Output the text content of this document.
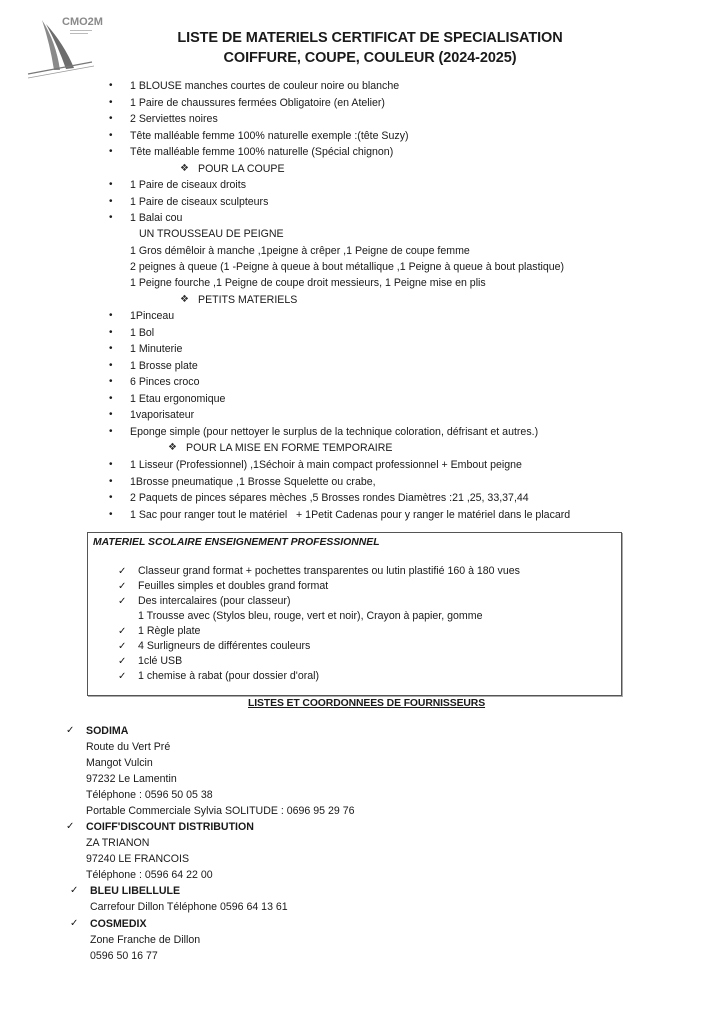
CMO2M
LISTE DE MATERIELS CERTIFICAT DE SPECIALISATION
COIFFURE, COUPE, COULEUR (2024-2025)
• 1 BLOUSE manches courtes de couleur noire ou blanche
• 1 Paire de chaussures fermées Obligatoire (en Atelier)
• 2 Serviettes noires
• Tête malléable femme 100% naturelle exemple :(tête Suzy)
• Tête malléable femme 100% naturelle (Spécial chignon)
❖ POUR LA COUPE
• 1 Paire de ciseaux droits
• 1 Paire de ciseaux sculpteurs
• 1 Balai cou
UN TROUSSEAU DE PEIGNE
1 Gros démêloir à manche ,1peigne à crêper ,1 Peigne de coupe femme
2 peignes à queue (1 -Peigne à queue à bout métallique ,1 Peigne à queue à bout plastique)
1 Peigne fourche ,1 Peigne de coupe droit messieurs, 1 Peigne mise en plis
❖ PETITS MATERIELS
• 1Pinceau
• 1 Bol
• 1 Minuterie
• 1 Brosse plate
• 6 Pinces croco
• 1 Etau ergonomique
• 1vaporisateur
• Eponge simple (pour nettoyer le surplus de la technique coloration, défrisant et autres.)
❖ POUR LA MISE EN FORME TEMPORAIRE
• 1 Lisseur (Professionnel) ,1Séchoir à main compact professionnel + Embout peigne
• 1Brosse pneumatique ,1 Brosse Squelette ou crabe,
• 2 Paquets de pinces sépares mèches ,5 Brosses rondes Diamètres :21 ,25, 33,37,44
• 1 Sac pour ranger tout le matériel   + 1Petit Cadenas pour y ranger le matériel dans le placard
MATERIEL SCOLAIRE ENSEIGNEMENT PROFESSIONNEL
✓ Classeur grand format + pochettes transparentes ou lutin plastifié 160 à 180 vues
✓ Feuilles simples et doubles grand format
✓ Des intercalaires (pour classeur)
1 Trousse avec (Stylos bleu, rouge, vert et noir), Crayon à papier, gomme
✓ 1 Règle plate
✓ 4 Surligneurs de différentes couleurs
✓ 1clé USB
✓ 1 chemise à rabat (pour dossier d'oral)
LISTES ET COORDONNEES DE FOURNISSEURS
✓ SODIMA
Route du Vert Pré
Mangot Vulcin
97232 Le Lamentin
Téléphone : 0596 50 05 38
Portable Commerciale Sylvia SOLITUDE : 0696 95 29 76
✓ COIFF'DISCOUNT DISTRIBUTION
ZA TRIANON
97240 LE FRANCOIS
Téléphone : 0596 64 22 00
✓ BLEU LIBELLULE
Carrefour Dillon Téléphone 0596 64 13 61
✓ COSMEDIX
Zone Franche de Dillon
0596 50 16 77
